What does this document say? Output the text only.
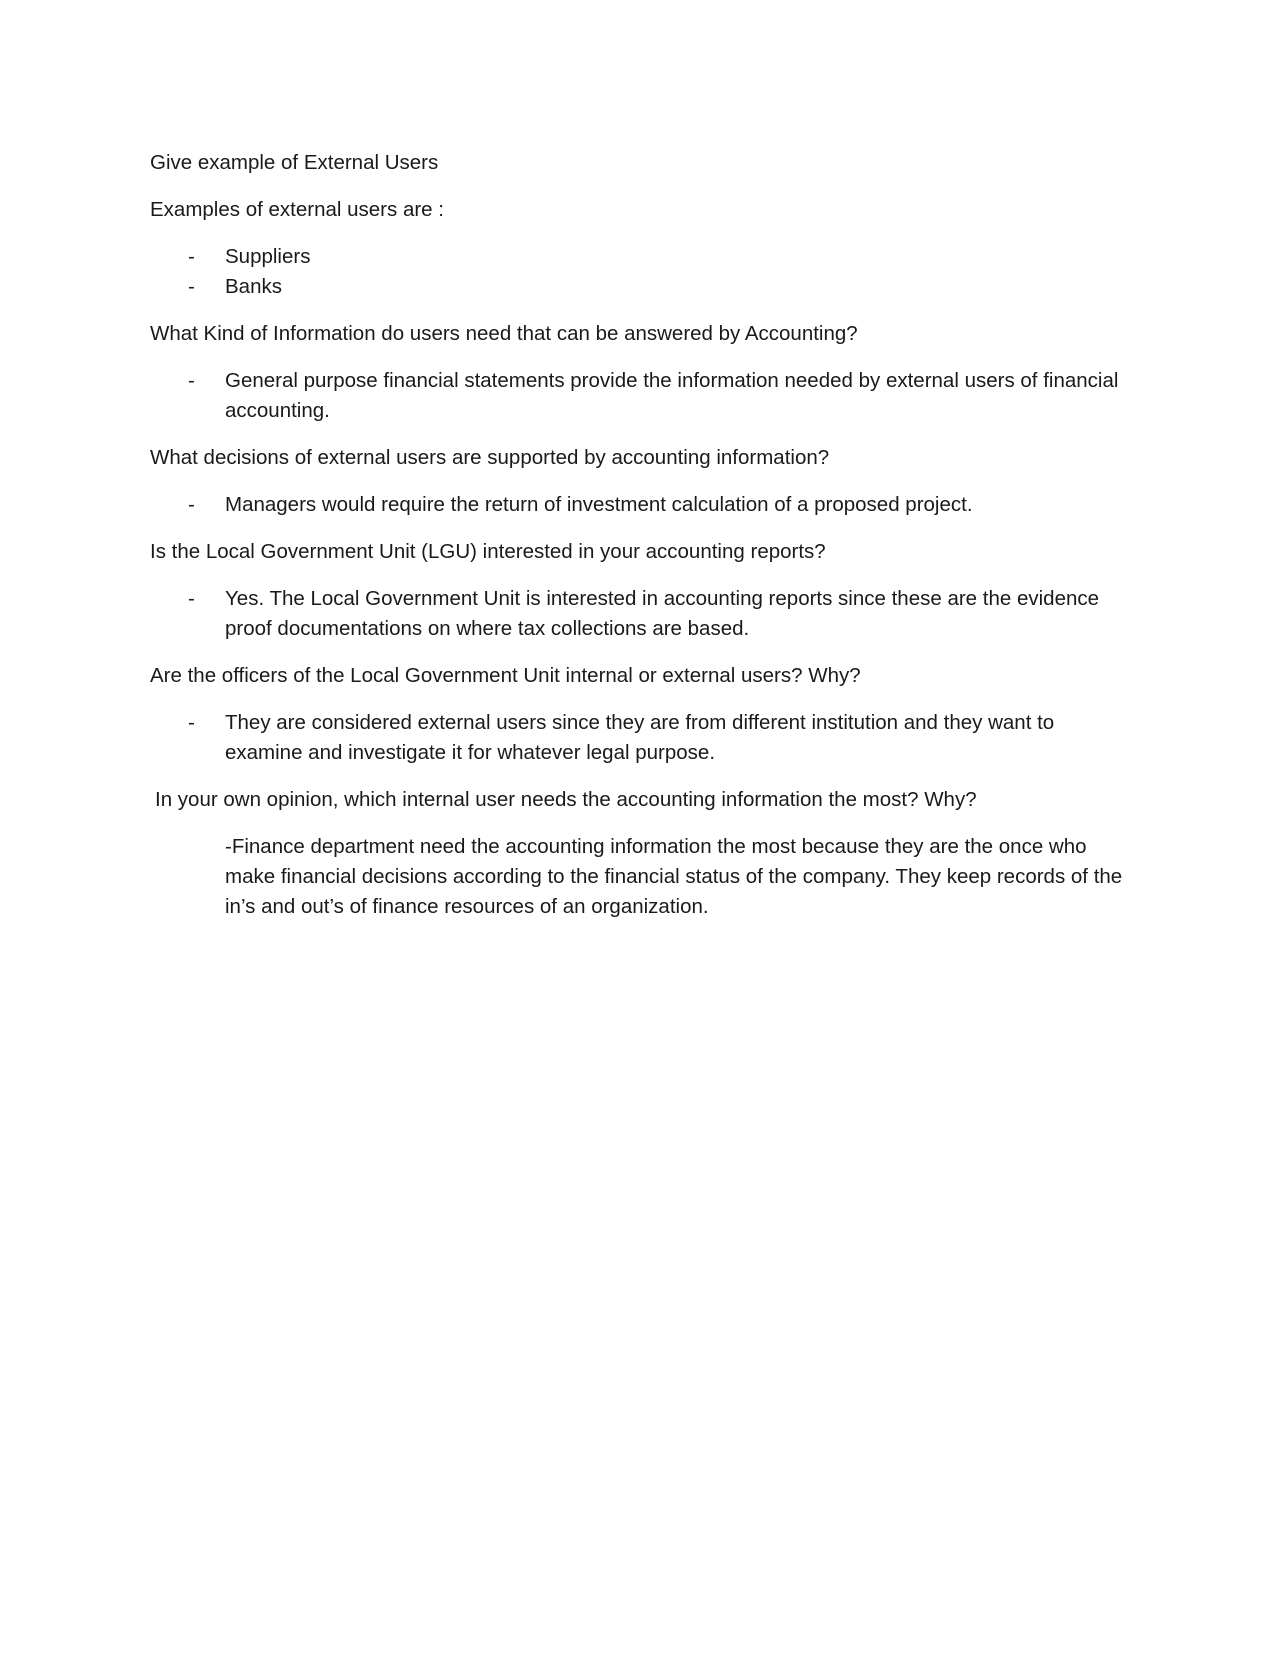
Give example of External Users

Examples of external users are :

- Suppliers
- Banks

What Kind of Information do users need that can be answered by Accounting?

- General purpose financial statements provide the information needed by external users of financial accounting.

What decisions of external users are supported by accounting information?

- Managers would require the return of investment calculation of a proposed project.

Is the Local Government Unit (LGU) interested in your accounting reports?

- Yes. The Local Government Unit is interested in accounting reports since these are the evidence proof documentations on where tax collections are based.

Are the officers of the Local Government Unit internal or external users? Why?

- They are considered external users since they are from different institution and they want to examine and investigate it for whatever legal purpose.

In your own opinion, which internal user needs the accounting information the most? Why?

-Finance department need the accounting information the most because they are the once who make financial decisions according to the financial status of the company. They keep records of the in’s and out’s of finance resources of an organization.
